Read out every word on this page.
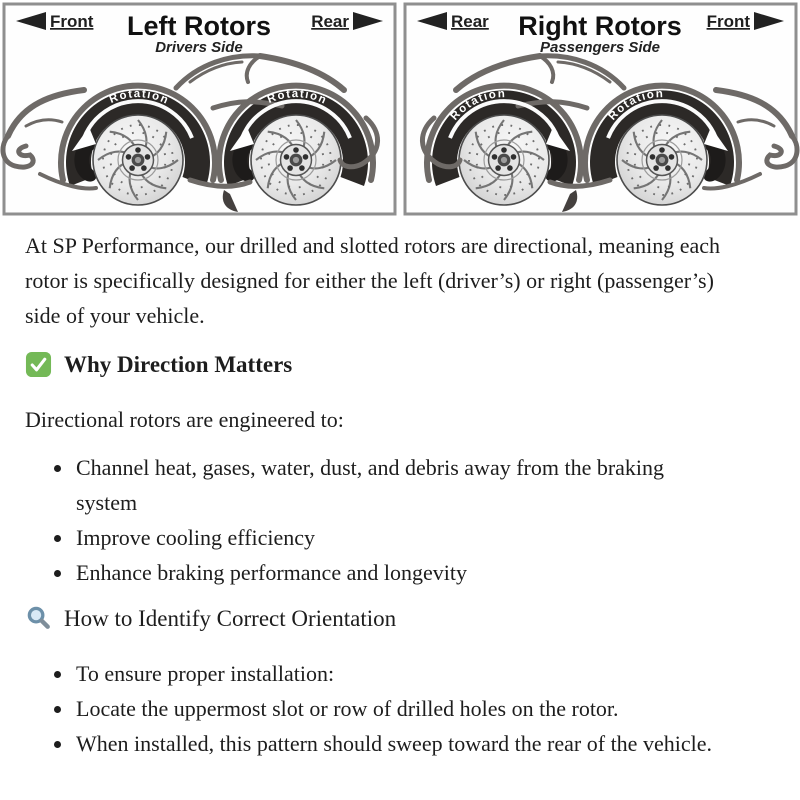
Rotation	Rotation
Rotation
Rotation
Front Left Rotors
Drivers Side
Rear	Rear Right Rotors
Passengers Side
Front

At SP Performance, our drilled and slotted rotors are directional, meaning each rotor is specifically designed for either the left (driver’s) or right (passenger’s) side of your vehicle.

Why Direction Matters

Directional rotors are engineered to:

• Channel heat, gases, water, dust, and debris away from the braking system
• Improve cooling efficiency
• Enhance braking performance and longevity
How to Identify Correct Orientation
• To ensure proper installation:
• Locate the uppermost slot or row of drilled holes on the rotor.
• When installed, this pattern should sweep toward the rear of the vehicle.
